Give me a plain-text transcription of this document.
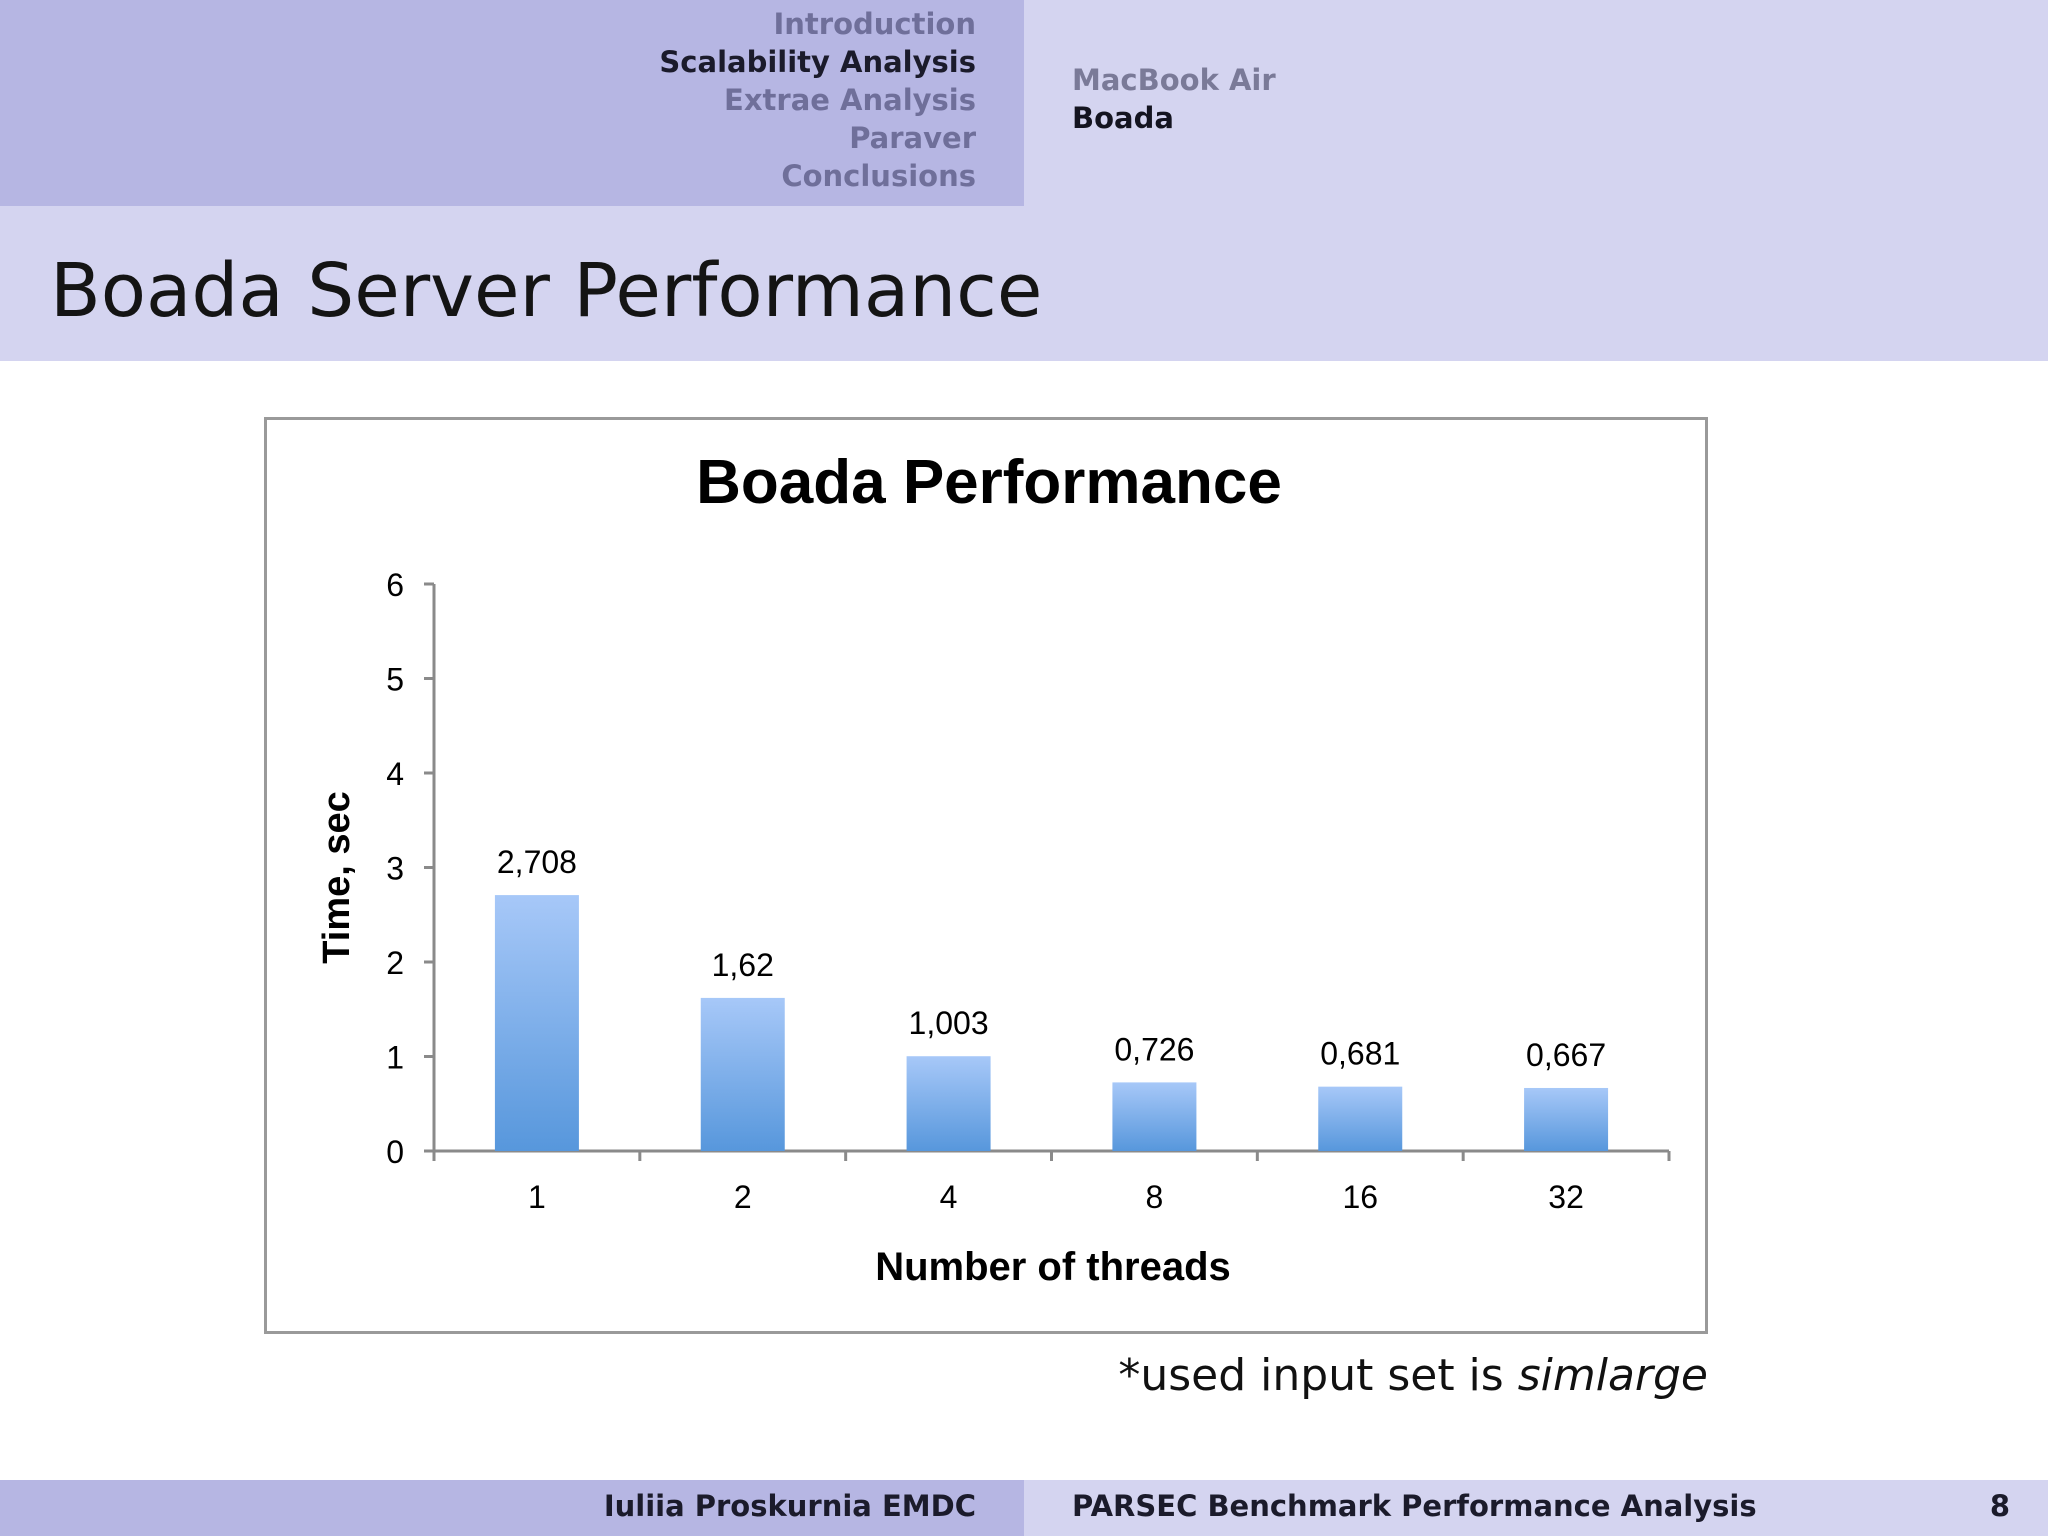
Introduction
Scalability Analysis
Extrae Analysis
Paraver
Conclusions
MacBook Air
Boada
Boada Server Performance
Boada Performance
Time, sec
Number of threads
0
1
2
3
4
5
6
2,708
1
1,62
2
1,003
4
0,726
8
0,681
16
0,667
32
*used input set is simlarge
Iuliia Proskurnia EMDC	PARSEC Benchmark Performance Analysis	8
